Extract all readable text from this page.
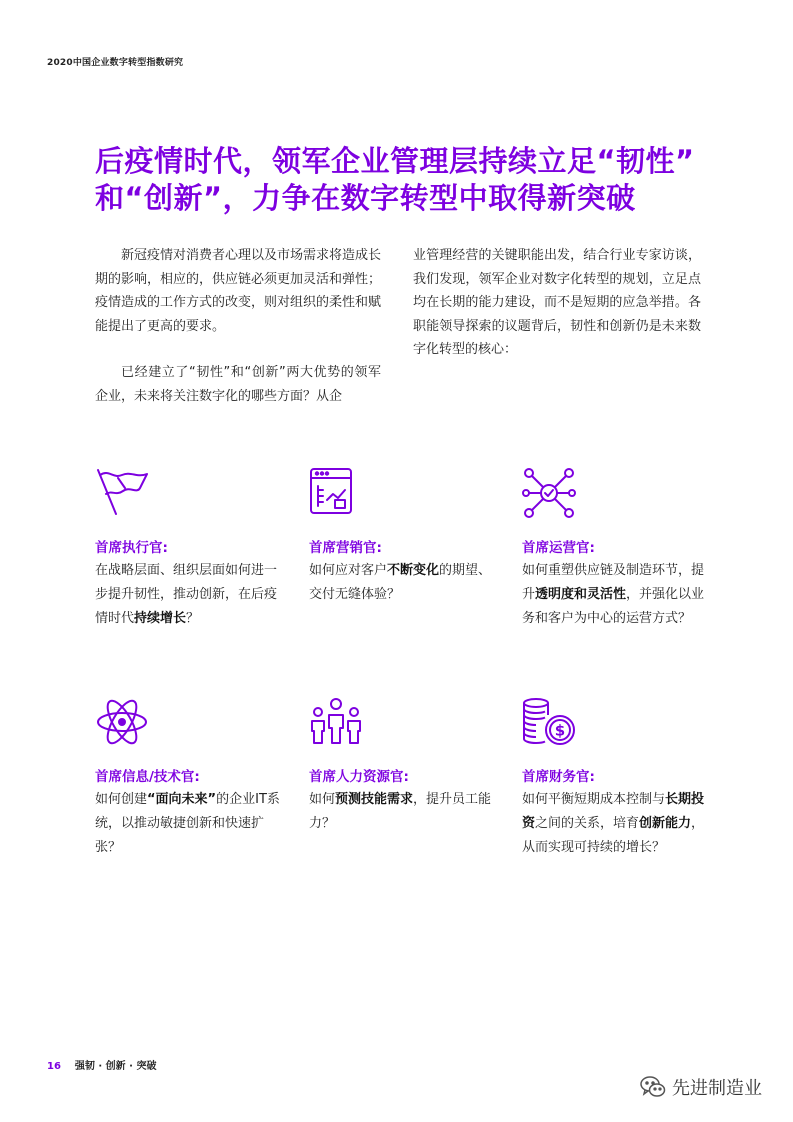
2020中国企业数字转型指数研究
后疫情时代，领军企业管理层持续立足“韧性”
和“创新”，力争在数字转型中取得新突破

新冠疫情对消费者心理以及市场需求将造成长期的影响，相应的，供应链必须更加灵活和弹性；疫情造成的工作方式的改变，则对组织的柔性和赋能提出了更高的要求。

已经建立了“韧性”和“创新”两大优势的领军企业，未来将关注数字化的哪些方面？从企

业管理经营的关键职能出发，结合行业专家访谈，我们发现，领军企业对数字化转型的规划，立足点均在长期的能力建设，而不是短期的应急举措。各职能领导探索的议题背后，韧性和创新仍是未来数字化转型的核心：

首席执行官:
在战略层面、组织层面如何进一步提升韧性，推动创新，在后疫情时代持续增长？
首席营销官:
如何应对客户不断变化的期望、交付无缝体验？
首席运营官:
如何重塑供应链及制造环节，提升透明度和灵活性，并强化以业务和客户为中心的运营方式？
首席信息/技术官:
如何创建“面向未来”的企业IT系统，以推动敏捷创新和快速扩张？
首席人力资源官:
如何预测技能需求，提升员工能力？
$
首席财务官:
如何平衡短期成本控制与长期投资之间的关系，培育创新能力，从而实现可持续的增长？
16 强韧 · 创新 · 突破
先进制造业
